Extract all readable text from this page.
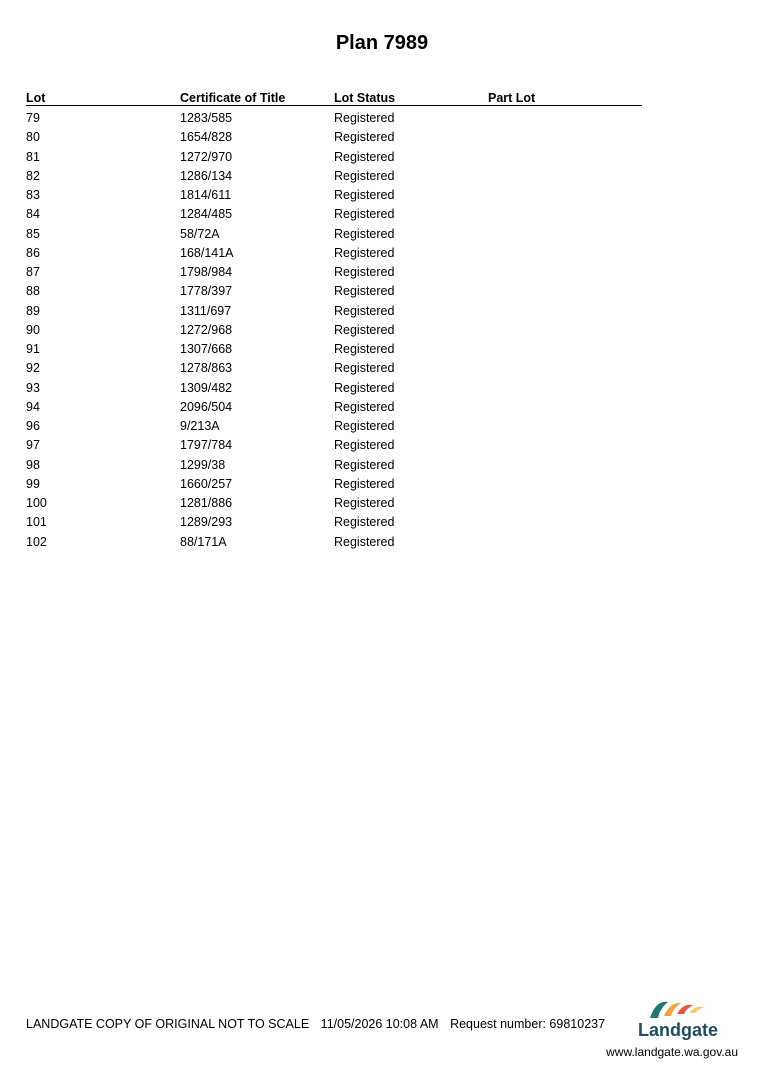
Plan 7989
Lot	Certificate of Title	Lot Status	Part Lot
79	1283/585	Registered
80	1654/828	Registered
81	1272/970	Registered
82	1286/134	Registered
83	1814/611	Registered
84	1284/485	Registered
85	58/72A	Registered
86	168/141A	Registered
87	1798/984	Registered
88	1778/397	Registered
89	1311/697	Registered
90	1272/968	Registered
91	1307/668	Registered
92	1278/863	Registered
93	1309/482	Registered
94	2096/504	Registered
96	9/213A	Registered
97	1797/784	Registered
98	1299/38	Registered
99	1660/257	Registered
100	1281/886	Registered
101	1289/293	Registered
102	88/171A	Registered
LANDGATE COPY OF ORIGINAL NOT TO SCALE 11/05/2026 10:08 AM Request number: 69810237	Landgate
www.landgate.wa.gov.au
